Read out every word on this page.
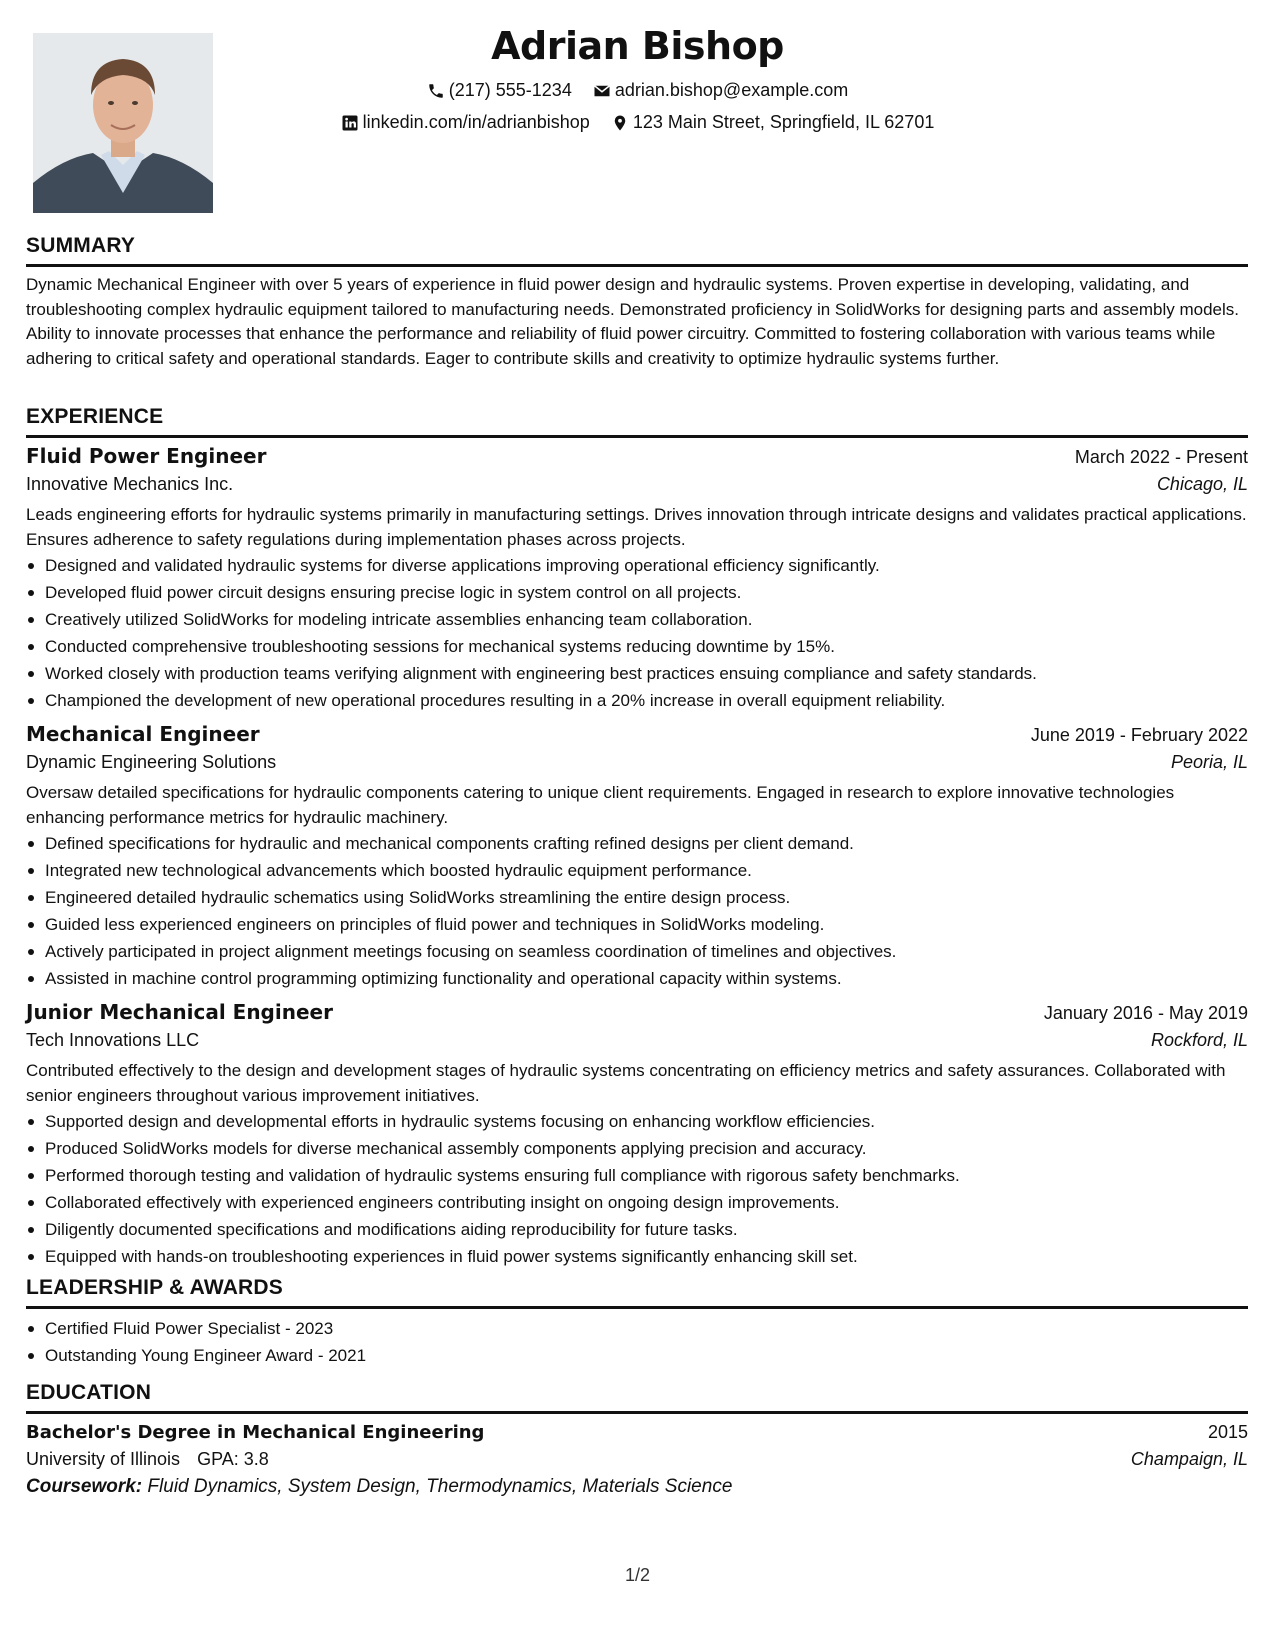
Adrian Bishop
(217) 555-1234
adrian.bishop@example.com
linkedin.com/in/adrianbishop
123 Main Street, Springfield, IL 62701
SUMMARY
Dynamic Mechanical Engineer with over 5 years of experience in fluid power design and hydraulic systems. Proven expertise in developing, validating, and troubleshooting complex hydraulic equipment tailored to manufacturing needs. Demonstrated proficiency in SolidWorks for designing parts and assembly models. Ability to innovate processes that enhance the performance and reliability of fluid power circuitry. Committed to fostering collaboration with various teams while adhering to critical safety and operational standards. Eager to contribute skills and creativity to optimize hydraulic systems further.
EXPERIENCE
Fluid Power Engineer	March 2022 - Present
Innovative Mechanics Inc.	Chicago, IL
Leads engineering efforts for hydraulic systems primarily in manufacturing settings. Drives innovation through intricate designs and validates practical applications. Ensures adherence to safety regulations during implementation phases across projects.
Designed and validated hydraulic systems for diverse applications improving operational efficiency significantly.
Developed fluid power circuit designs ensuring precise logic in system control on all projects.
Creatively utilized SolidWorks for modeling intricate assemblies enhancing team collaboration.
Conducted comprehensive troubleshooting sessions for mechanical systems reducing downtime by 15%.
Worked closely with production teams verifying alignment with engineering best practices ensuing compliance and safety standards.
Championed the development of new operational procedures resulting in a 20% increase in overall equipment reliability.
Mechanical Engineer	June 2019 - February 2022
Dynamic Engineering Solutions	Peoria, IL
Oversaw detailed specifications for hydraulic components catering to unique client requirements. Engaged in research to explore innovative technologies enhancing performance metrics for hydraulic machinery.
Defined specifications for hydraulic and mechanical components crafting refined designs per client demand.
Integrated new technological advancements which boosted hydraulic equipment performance.
Engineered detailed hydraulic schematics using SolidWorks streamlining the entire design process.
Guided less experienced engineers on principles of fluid power and techniques in SolidWorks modeling.
Actively participated in project alignment meetings focusing on seamless coordination of timelines and objectives.
Assisted in machine control programming optimizing functionality and operational capacity within systems.
Junior Mechanical Engineer	January 2016 - May 2019
Tech Innovations LLC	Rockford, IL
Contributed effectively to the design and development stages of hydraulic systems concentrating on efficiency metrics and safety assurances. Collaborated with senior engineers throughout various improvement initiatives.
Supported design and developmental efforts in hydraulic systems focusing on enhancing workflow efficiencies.
Produced SolidWorks models for diverse mechanical assembly components applying precision and accuracy.
Performed thorough testing and validation of hydraulic systems ensuring full compliance with rigorous safety benchmarks.
Collaborated effectively with experienced engineers contributing insight on ongoing design improvements.
Diligently documented specifications and modifications aiding reproducibility for future tasks.
Equipped with hands-on troubleshooting experiences in fluid power systems significantly enhancing skill set.
LEADERSHIP & AWARDS
Certified Fluid Power Specialist - 2023
Outstanding Young Engineer Award - 2021
EDUCATION
Bachelor's Degree in Mechanical Engineering	2015
University of Illinois GPA: 3.8	Champaign, IL
Coursework: Fluid Dynamics, System Design, Thermodynamics, Materials Science
1/2
